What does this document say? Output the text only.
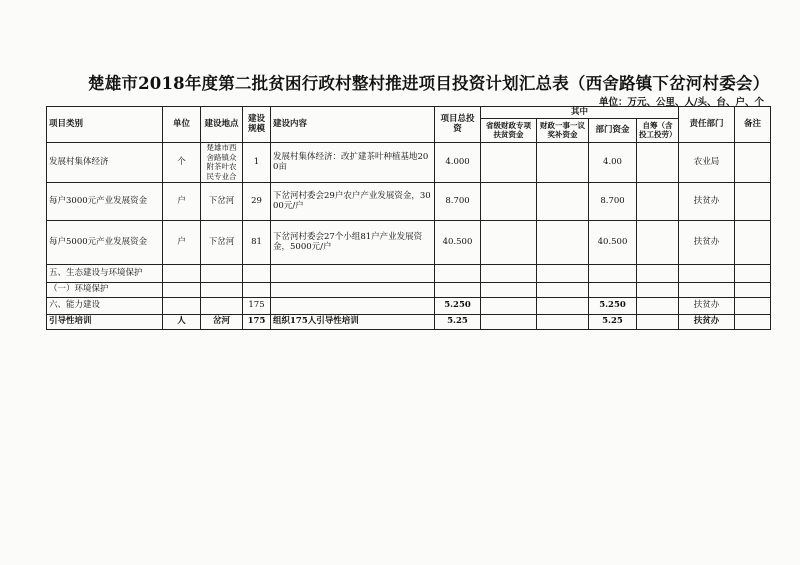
楚雄市2018年度第二批贫困行政村整村推进项目投资计划汇总表（西舍路镇下岔河村委会）
单位：万元、公里、人/头、台、户、个
项目类别	单位	建设地点	建设规模	建设内容	项目总投资	其中				责任部门	备注
						省级财政专项扶贫资金	财政一事一议奖补资金	部门资金	自筹（含投工投劳）		
发展村集体经济	个	楚雄市西舍路镇众附茶叶农民专业合	1	发展村集体经济：改扩建茶叶种植基地200亩	4.000			4.00		农业局	
每户3000元产业发展资金	户	下岔河	29	下岔河村委会29户农户产业发展资金，3000元/户	8.700			8.700		扶贫办	
每户5000元产业发展资金	户	下岔河	81	下岔河村委会27个小组81户产业发展资金，5000元/户	40.500			40.500		扶贫办	
五、生态建设与环境保护											
（一）环境保护											
六、能力建设			175		5.250			5.250		扶贫办	
引导性培训	人	岔河	175	组织175人引导性培训	5.25			5.25		扶贫办	
